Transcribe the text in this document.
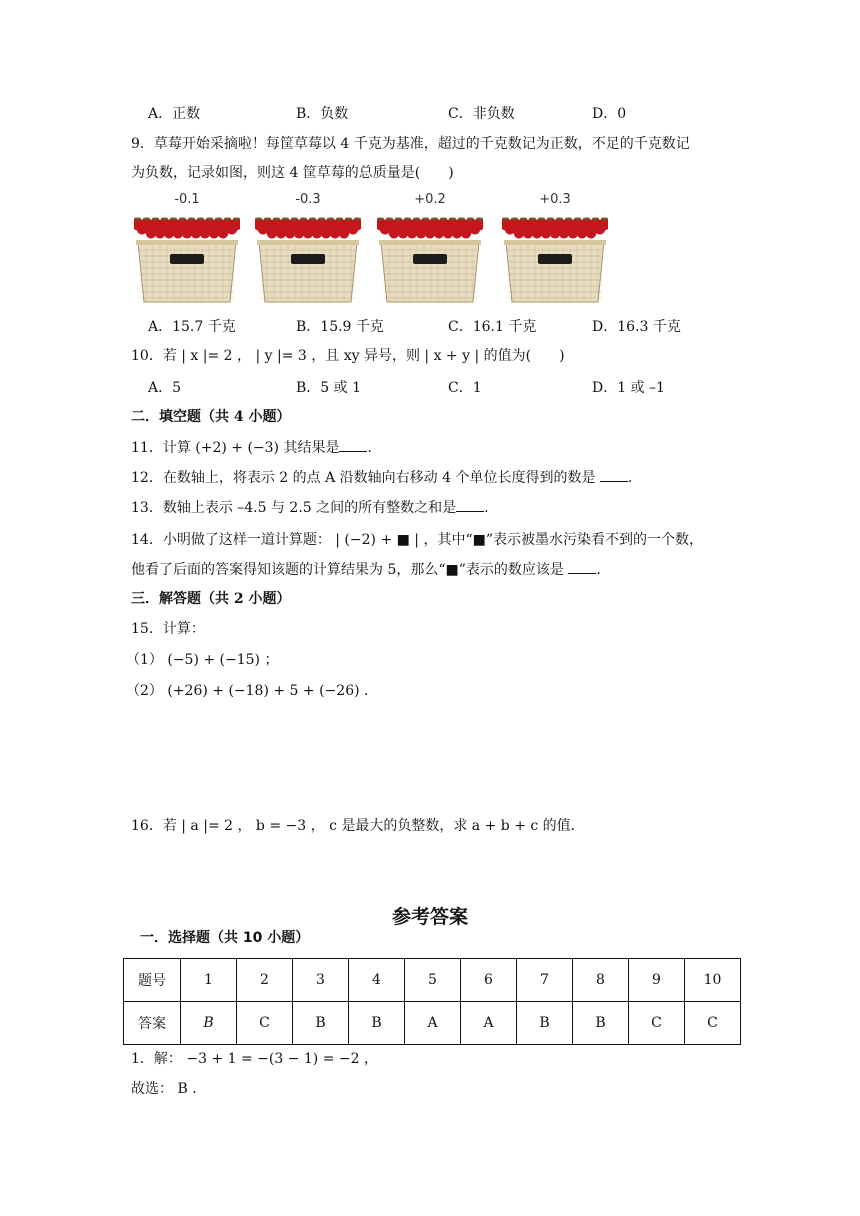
A．正数	B．负数	C．非负数	D．0
9．草莓开始采摘啦！每筐草莓以 4 千克为基准，超过的千克数记为正数，不足的千克数记
为负数，记录如图，则这 4 筐草莓的总质量是(　　)
-0.1	-0.3	+0.2	+0.3
A．15.7 千克	B．15.9 千克	C．16.1 千克	D．16.3 千克
10．若 | x |= 2 ， | y |= 3 ，且 xy 异号，则 | x + y | 的值为(　　)
A．5	B．5 或 1	C．1	D．1 或 –1
二．填空题（共 4 小题）
11．计算 (+2) + (−3) 其结果是 .
12．在数轴上，将表示 2 的点 A 沿数轴向右移动 4 个单位长度得到的数是 .
13．数轴上表示 –4.5 与 2.5 之间的所有整数之和是 .
14．小明做了这样一道计算题： | (−2) + ■ | ，其中“■”表示被墨水污染看不到的一个数，
他看了后面的答案得知该题的计算结果为 5，那么“■”表示的数应该是 .
三．解答题（共 2 小题）
15．计算：
（1） (−5) + (−15) ；
（2） (+26) + (−18) + 5 + (−26) ．
16．若 | a |= 2 ， b = −3 ， c 是最大的负整数，求 a + b + c 的值．
参考答案
一．选择题（共 10 小题）
题号	1	2	3	4	5	6	7	8	9	10
答案	B	C	B	B	A	A	B	B	C	C
1．解： −3 + 1 = −(3 − 1) = −2 ，
故选： B ．
